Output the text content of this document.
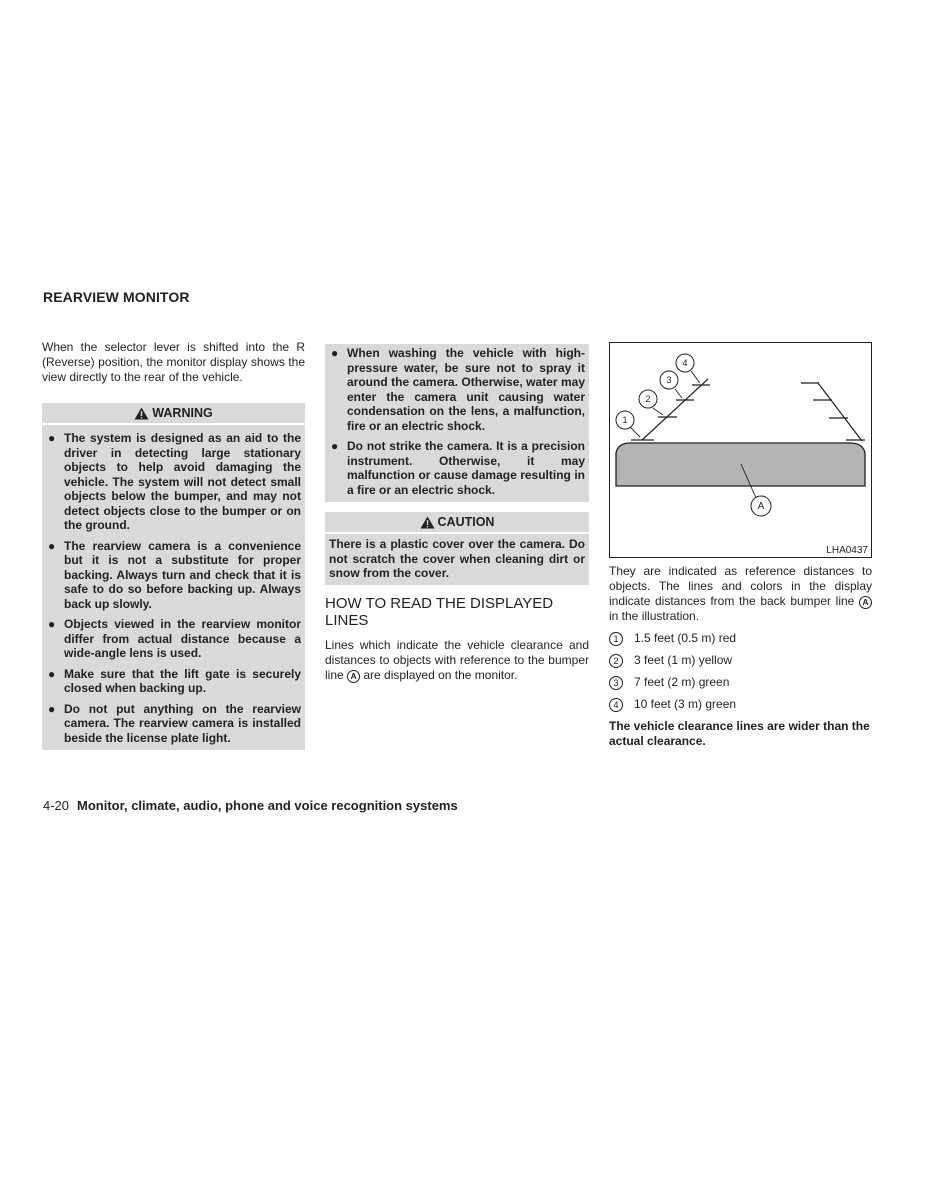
REARVIEW MONITOR

When the selector lever is shifted into the R (Reverse) position, the monitor display shows the view directly to the rear of the vehicle.

WARNING
● The system is designed as an aid to the driver in detecting large stationary objects to help avoid damaging the vehicle. The system will not detect small objects below the bumper, and may not detect objects close to the bumper or on the ground.
● The rearview camera is a convenience but it is not a substitute for proper backing. Always turn and check that it is safe to do so before backing up. Always back up slowly.
● Objects viewed in the rearview monitor differ from actual distance because a wide-angle lens is used.
● Make sure that the lift gate is securely closed when backing up.
● Do not put anything on the rearview camera. The rearview camera is installed beside the license plate light.
● When washing the vehicle with high-pressure water, be sure not to spray it around the camera. Otherwise, water may enter the camera unit causing water condensation on the lens, a malfunction, fire or an electric shock.
● Do not strike the camera. It is a precision instrument. Otherwise, it may malfunction or cause damage resulting in a fire or an electric shock.
CAUTION
There is a plastic cover over the camera. Do not scratch the cover when cleaning dirt or snow from the cover.
HOW TO READ THE DISPLAYED LINES

Lines which indicate the vehicle clearance and distances to objects with reference to the bumper line A are displayed on the monitor.

1
2
3
4
A
LHA0437

They are indicated as reference distances to objects. The lines and colors in the display indicate distances from the back bumper line A in the illustration.

1	1.5 feet (0.5 m) red
2	3 feet (1 m) yellow
3	7 feet (2 m) green
4	10 feet (3 m) green
The vehicle clearance lines are wider than the actual clearance.
4-20 Monitor, climate, audio, phone and voice recognition systems
